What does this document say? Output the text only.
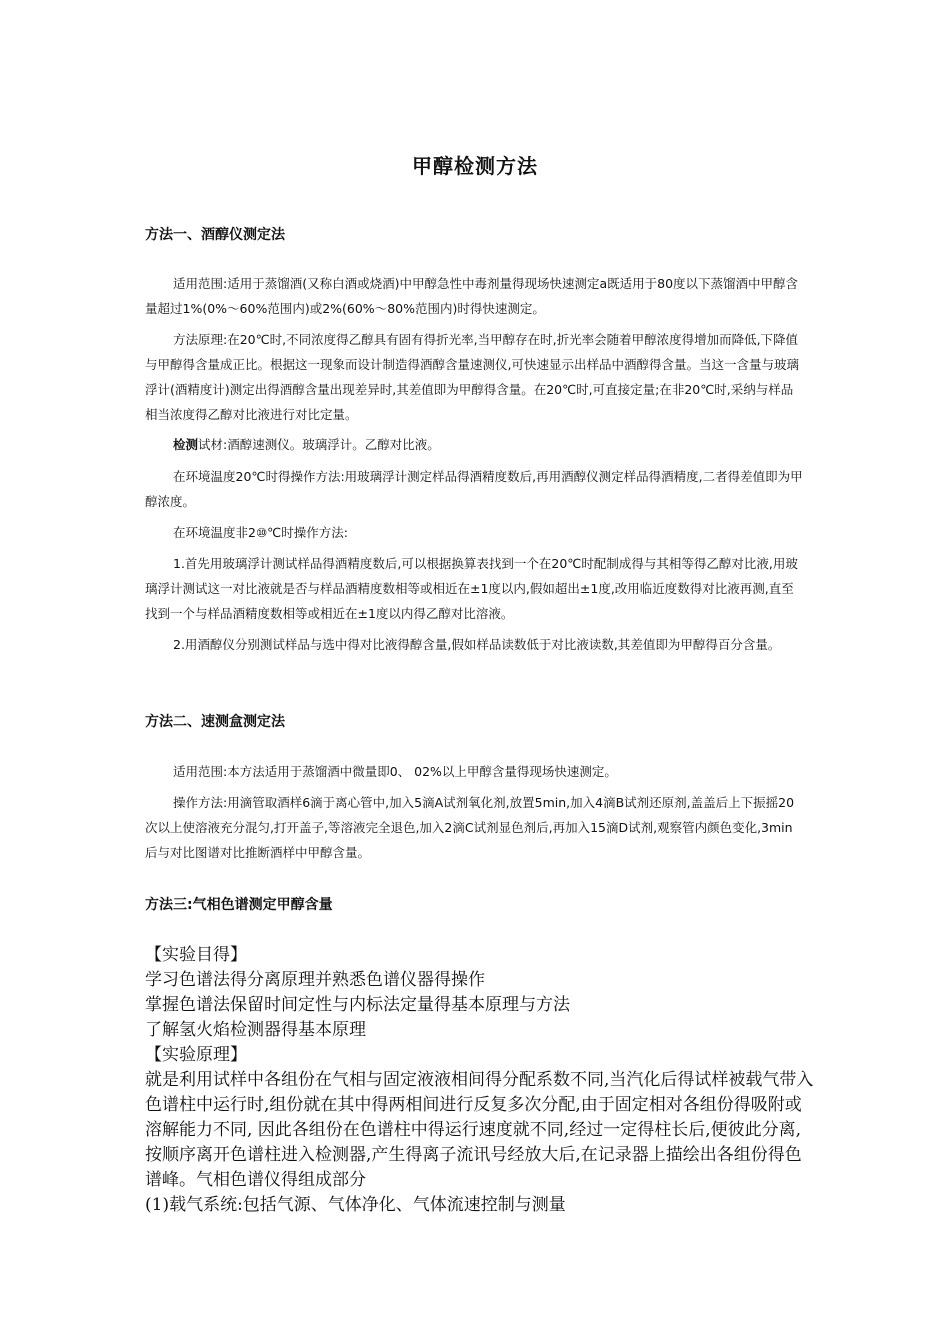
甲醇检测方法
方法一、酒醇仪测定法

适用范围:适用于蒸馏酒(又称白酒或烧酒)中甲醇急性中毒剂量得现场快速测定a既适用于80度以下蒸馏酒中甲醇含量超过1%(0%～60%范围内)或2%(60%～80%范围内)时得快速测定。

方法原理:在20℃时,不同浓度得乙醇具有固有得折光率,当甲醇存在时,折光率会随着甲醇浓度得增加而降低,下降值与甲醇得含量成正比。根据这一现象而设计制造得酒醇含量速测仪,可快速显示出样品中酒醇得含量。当这一含量与玻璃浮计(酒精度计)测定出得酒醇含量出现差异时,其差值即为甲醇得含量。在20℃时,可直接定量;在非20℃时,采纳与样品相当浓度得乙醇对比液进行对比定量。

检测试材:酒醇速测仪。玻璃浮计。乙醇对比液。

在环境温度20℃时得操作方法:用玻璃浮计测定样品得酒精度数后,再用酒醇仪测定样品得酒精度,二者得差值即为甲醇浓度。

在环境温度非2⑩℃时操作方法:

1.首先用玻璃浮计测试样品得酒精度数后,可以根据换算表找到一个在20℃时配制成得与其相等得乙醇对比液,用玻璃浮计测试这一对比液就是否与样品酒精度数相等或相近在±1度以内,假如超出±1度,改用临近度数得对比液再测,直至找到一个与样品酒精度数相等或相近在±1度以内得乙醇对比溶液。

2.用酒醇仪分别测试样品与选中得对比液得醇含量,假如样品读数低于对比液读数,其差值即为甲醇得百分含量。

方法二、速测盒测定法

适用范围:本方法适用于蒸馏酒中微量即0、 02%以上甲醇含量得现场快速测定。

操作方法:用滴管取酒样6滴于离心管中,加入5滴A试剂氧化剂,放置5min,加入4滴B试剂还原剂,盖盖后上下振摇20次以上使溶液充分混匀,打开盖子,等溶液完全退色,加入2滴C试剂显色剂后,再加入15滴D试剂,观察管内颜色变化,3min后与对比图谱对比推断酒样中甲醇含量。

方法三:气相色谱测定甲醇含量
【实验目得】
学习色谱法得分离原理并熟悉色谱仪器得操作
掌握色谱法保留时间定性与内标法定量得基本原理与方法
了解氢火焰检测器得基本原理
【实验原理】
就是利用试样中各组份在气相与固定液液相间得分配系数不同,当汽化后得试样被载气带入色谱柱中运行时,组份就在其中得两相间进行反复多次分配,由于固定相对各组份得吸附或溶解能力不同, 因此各组份在色谱柱中得运行速度就不同,经过一定得柱长后,便彼此分离,按顺序离开色谱柱进入检测器,产生得离子流讯号经放大后,在记录器上描绘出各组份得色谱峰。气相色谱仪得组成部分
(1)载气系统:包括气源、气体净化、气体流速控制与测量
